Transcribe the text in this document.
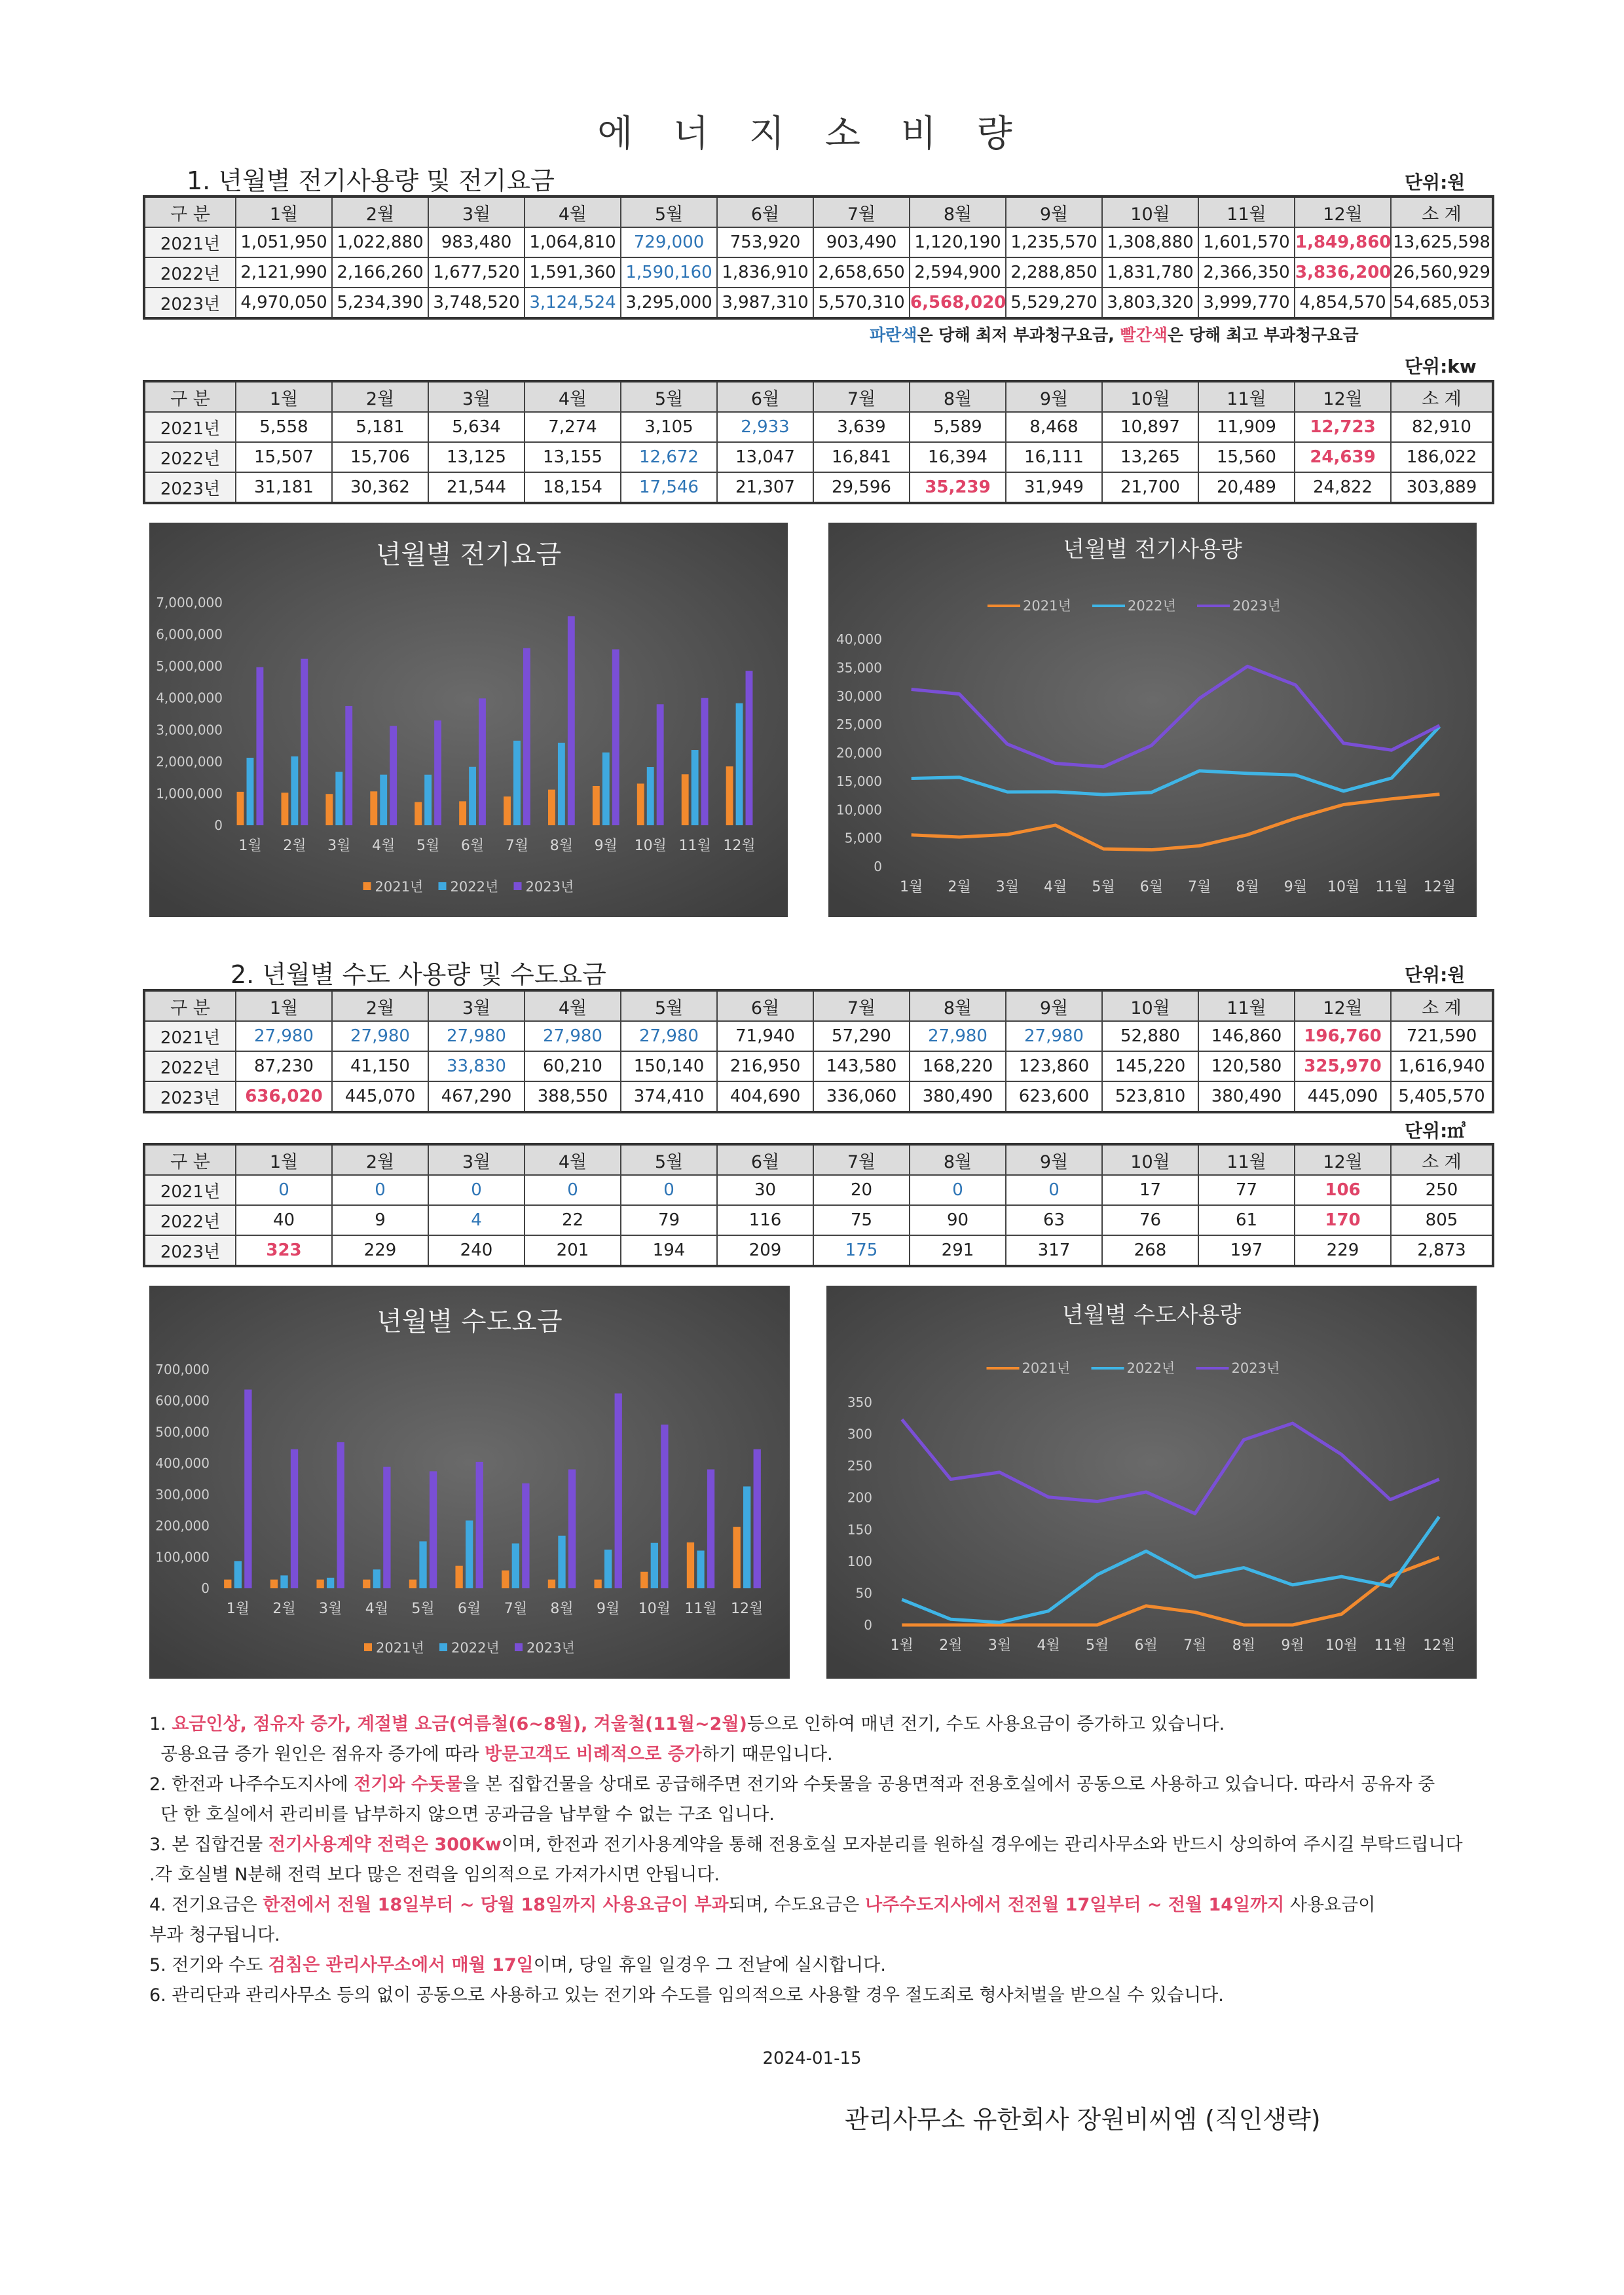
에 너 지 소 비 량
1. 년월별 전기사용량 및 전기요금	단위:원
구 분	1월	2월	3월	4월	5월	6월	7월	8월	9월	10월	11월	12월	소 계
2021년	1,051,950	1,022,880	983,480	1,064,810	729,000	753,920	903,490	1,120,190	1,235,570	1,308,880	1,601,570	1,849,860	13,625,598
2022년	2,121,990	2,166,260	1,677,520	1,591,360	1,590,160	1,836,910	2,658,650	2,594,900	2,288,850	1,831,780	2,366,350	3,836,200	26,560,929
2023년	4,970,050	5,234,390	3,748,520	3,124,524	3,295,000	3,987,310	5,570,310	6,568,020	5,529,270	3,803,320	3,999,770	4,854,570	54,685,053
파란색은 당해 최저 부과청구요금, 빨간색은 당해 최고 부과청구요금
단위:kw
구 분	1월	2월	3월	4월	5월	6월	7월	8월	9월	10월	11월	12월	소 계
2021년	5,558	5,181	5,634	7,274	3,105	2,933	3,639	5,589	8,468	10,897	11,909	12,723	82,910
2022년	15,507	15,706	13,125	13,155	12,672	13,047	16,841	16,394	16,111	13,265	15,560	24,639	186,022
2023년	31,181	30,362	21,544	18,154	17,546	21,307	29,596	35,239	31,949	21,700	20,489	24,822	303,889
년월별 전기요금
7,000,000
6,000,000
5,000,000
4,000,000
3,000,000
2,000,000
1,000,000
0
1월 2월 3월 4월 5월 6월 7월 8월 9월 10월 11월 12월
2021년 2022년 2023년
년월별 전기사용량
40,000
35,000
30,000
25,000
20,000
15,000
10,000
5,000
0
1월 2월 3월 4월 5월 6월 7월 8월 9월 10월 11월 12월
2021년	2022년	2023년
2. 년월별 수도 사용량 및 수도요금	단위:원
구 분	1월	2월	3월	4월	5월	6월	7월	8월	9월	10월	11월	12월	소 계
2021년	27,980	27,980	27,980	27,980	27,980	71,940	57,290	27,980	27,980	52,880	146,860	196,760	721,590
2022년	87,230	41,150	33,830	60,210	150,140	216,950	143,580	168,220	123,860	145,220	120,580	325,970	1,616,940
2023년	636,020	445,070	467,290	388,550	374,410	404,690	336,060	380,490	623,600	523,810	380,490	445,090	5,405,570
단위:㎥
구 분	1월	2월	3월	4월	5월	6월	7월	8월	9월	10월	11월	12월	소 계
2021년	0	0	0	0	0	30	20	0	0	17	77	106	250
2022년	40	9	4	22	79	116	75	90	63	76	61	170	805
2023년	323	229	240	201	194	209	175	291	317	268	197	229	2,873
년월별 수도요금
700,000
600,000
500,000
400,000
300,000
200,000
100,000
0
1월 2월 3월 4월 5월 6월 7월 8월 9월 10월 11월 12월
2021년 2022년 2023년
년월별 수도사용량
350
300
250
200
150
100
50
0
1월 2월 3월 4월 5월 6월 7월 8월 9월 10월 11월 12월
2021년	2022년	2023년
1. 요금인상, 점유자 증가, 계절별 요금(여름철(6~8월), 겨울철(11월~2월)등으로 인하여 매년 전기, 수도 사용요금이 증가하고 있습니다.
공용요금 증가 원인은 점유자 증가에 따라 방문고객도 비례적으로 증가하기 때문입니다.
2. 한전과 나주수도지사에 전기와 수돗물을 본 집합건물을 상대로 공급해주면 전기와 수돗물을 공용면적과 전용호실에서 공동으로 사용하고 있습니다. 따라서 공유자 중
단 한 호실에서 관리비를 납부하지 않으면 공과금을 납부할 수 없는 구조 입니다.
3. 본 집합건물 전기사용계약 전력은 300Kw이며, 한전과 전기사용계약을 통해 전용호실 모자분리를 원하실 경우에는 관리사무소와 반드시 상의하여 주시길 부탁드립니다
.각 호실별 N분해 전력 보다 많은 전력을 임의적으로 가져가시면 안됩니다.
4. 전기요금은 한전에서 전월 18일부터 ~ 당월 18일까지 사용요금이 부과되며, 수도요금은 나주수도지사에서 전전월 17일부터 ~ 전월 14일까지 사용요금이
부과 청구됩니다.
5. 전기와 수도 검침은 관리사무소에서 매월 17일이며, 당일 휴일 일경우 그 전날에 실시합니다.
6. 관리단과 관리사무소 등의 없이 공동으로 사용하고 있는 전기와 수도를 임의적으로 사용할 경우 절도죄로 형사처벌을 받으실 수 있습니다.
2024-01-15
관리사무소 유한회사 장원비씨엠 (직인생략)
